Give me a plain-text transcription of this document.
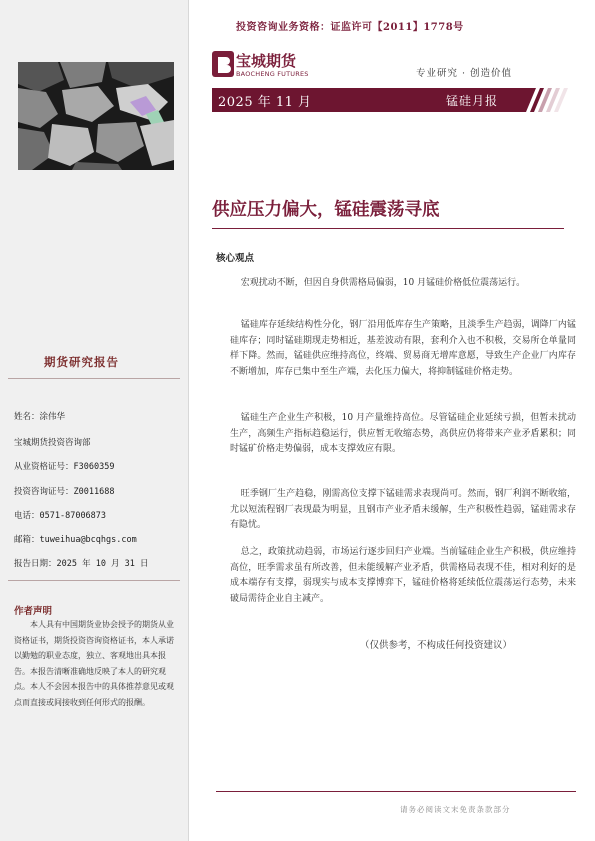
期货研究报告
姓名：涂伟华
宝城期货投资咨询部
从业资格证号：F3060359
投资咨询证号：Z0011688
电话：0571-87006873
邮箱：tuweihua@bcqhgs.com
报告日期：2025 年 10 月 31 日
作者声明
本人具有中国期货业协会授予的期货从业资格证书，期货投资咨询资格证书，本人承诺以勤勉的职业态度，独立、客观地出具本报告。本报告清晰准确地反映了本人的研究观点。本人不会因本报告中的具体推荐意见或观点而直接或间接收到任何形式的报酬。
投资咨询业务资格：证监许可【2011】1778号
宝城期货
BAOCHENG FUTURES	专业研究 · 创造价值
2025 年 11 月	锰硅月报
供应压力偏大，锰硅震荡寻底
核心观点
宏观扰动不断，但因自身供需格局偏弱，10 月锰硅价格低位震荡运行。
锰硅库存延续结构性分化，钢厂沿用低库存生产策略，且淡季生产趋弱，调降厂内锰硅库存；同时锰硅期现走势相近，基差波动有限，套利介入也不积极，交易所仓单量同样下降。然而，锰硅供应维持高位，终端、贸易商无增库意愿，导致生产企业厂内库存不断增加，库存已集中至生产端，去化压力偏大，将抑制锰硅价格走势。
锰硅生产企业生产积极，10 月产量维持高位。尽管锰硅企业延续亏损，但暂未扰动生产，高频生产指标趋稳运行，供应暂无收缩态势，高供应仍将带来产业矛盾累积；同时锰矿价格走势偏弱，成本支撑效应有限。
旺季钢厂生产趋稳，刚需高位支撑下锰硅需求表现尚可。然而，钢厂利润不断收缩，尤以短流程钢厂表现最为明显，且钢市产业矛盾未缓解，生产积极性趋弱，锰硅需求存有隐忧。
总之，政策扰动趋弱，市场运行逐步回归产业端。当前锰硅企业生产积极，供应维持高位，旺季需求虽有所改善，但未能缓解产业矛盾，供需格局表现不佳，相对利好的是成本端存有支撑，弱现实与成本支撑博弈下，锰硅价格将延续低位震荡运行态势，未来破局需待企业自主减产。
（仅供参考，不构成任何投资建议）
请务必阅读文末免责条款部分
